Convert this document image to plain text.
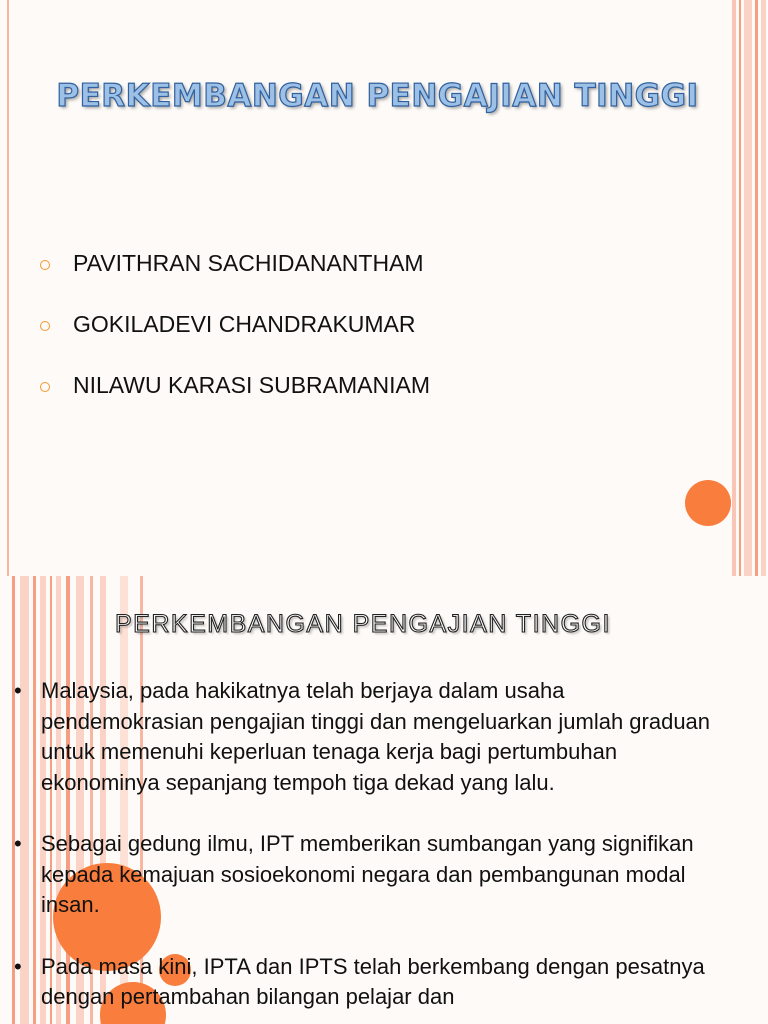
PERKEMBANGAN PENGAJIAN TINGGI
PAVITHRAN SACHIDANANTHAM
GOKILADEVI CHANDRAKUMAR
NILAWU KARASI SUBRAMANIAM
PERKEMBANGAN PENGAJIAN TINGGI
• Malaysia, pada hakikatnya telah berjaya dalam usaha pendemokrasian pengajian tinggi dan mengeluarkan jumlah graduan untuk memenuhi keperluan tenaga kerja bagi pertumbuhan ekonominya sepanjang tempoh tiga dekad yang lalu.
• Sebagai gedung ilmu, IPT memberikan sumbangan yang signifikan kepada kemajuan sosioekonomi negara dan pembangunan modal insan.
• Pada masa kini, IPTA dan IPTS telah berkembang dengan pesatnya dengan pertambahan bilangan pelajar dan
